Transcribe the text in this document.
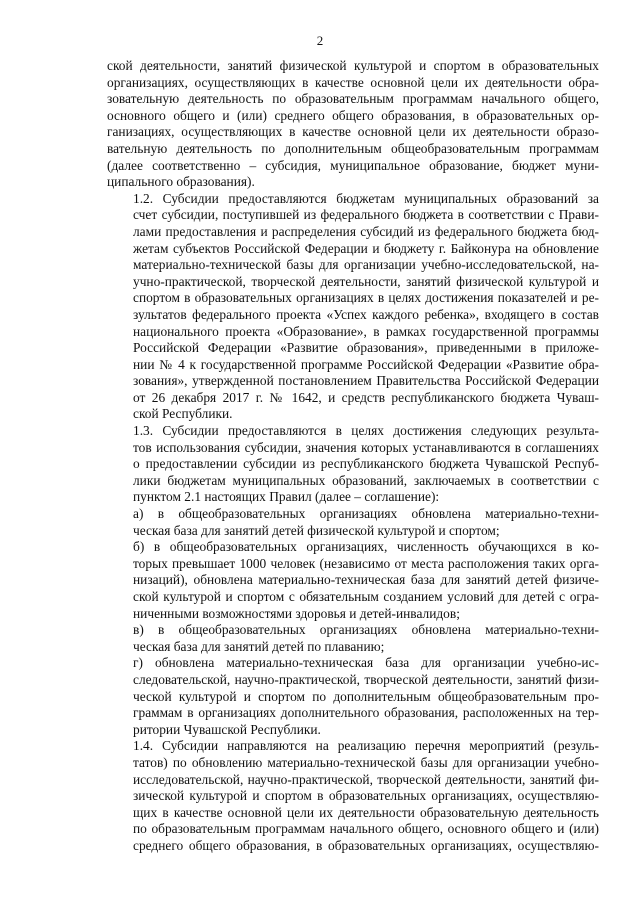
2

ской деятельности, занятий физической культурой и спортом в образовательных
организациях, осуществляющих в качестве основной цели их деятельности обра-
зовательную деятельность по образовательным программам начального общего,
основного общего и (или) среднего общего образования, в образовательных ор-
ганизациях, осуществляющих в качестве основной цели их деятельности образо-
вательную деятельность по дополнительным общеобразовательным программам
(далее соответственно – субсидия, муниципальное образование, бюджет муни-
ципального образования).

1.2. Субсидии предоставляются бюджетам муниципальных образований за
счет субсидии, поступившей из федерального бюджета в соответствии с Прави-
лами предоставления и распределения субсидий из федерального бюджета бюд-
жетам субъектов Российской Федерации и бюджету г. Байконура на обновление
материально-технической базы для организации учебно-исследовательской, на-
учно-практической, творческой деятельности, занятий физической культурой и
спортом в образовательных организациях в целях достижения показателей и ре-
зультатов федерального проекта «Успех каждого ребенка», входящего в состав
национального проекта «Образование», в рамках государственной программы
Российской Федерации «Развитие образования», приведенными в приложе-
нии № 4 к государственной программе Российской Федерации «Развитие обра-
зования», утвержденной постановлением Правительства Российской Федерации
от 26 декабря 2017 г. № 1642, и средств республиканского бюджета Чуваш-
ской Республики.

1.3. Субсидии предоставляются в целях достижения следующих результа-
тов использования субсидии, значения которых устанавливаются в соглашениях
о предоставлении субсидии из республиканского бюджета Чувашской Респуб-
лики бюджетам муниципальных образований, заключаемых в соответствии с
пунктом 2.1 настоящих Правил (далее – соглашение):

а) в общеобразовательных организациях обновлена материально-техни-
ческая база для занятий детей физической культурой и спортом;

б) в общеобразовательных организациях, численность обучающихся в ко-
торых превышает 1000 человек (независимо от места расположения таких орга-
низаций), обновлена материально-техническая база для занятий детей физиче-
ской культурой и спортом с обязательным созданием условий для детей с огра-
ниченными возможностями здоровья и детей-инвалидов;

в) в общеобразовательных организациях обновлена материально-техни-
ческая база для занятий детей по плаванию;

г) обновлена материально-техническая база для организации учебно-ис-
следовательской, научно-практической, творческой деятельности, занятий физи-
ческой культурой и спортом по дополнительным общеобразовательным про-
граммам в организациях дополнительного образования, расположенных на тер-
ритории Чувашской Республики.

1.4. Субсидии направляются на реализацию перечня мероприятий (резуль-
татов) по обновлению материально-технической базы для организации учебно-
исследовательской, научно-практической, творческой деятельности, занятий фи-
зической культурой и спортом в образовательных организациях, осуществляю-
щих в качестве основной цели их деятельности образовательную деятельность
по образовательным программам начального общего, основного общего и (или)
среднего общего образования, в образовательных организациях, осуществляю-
